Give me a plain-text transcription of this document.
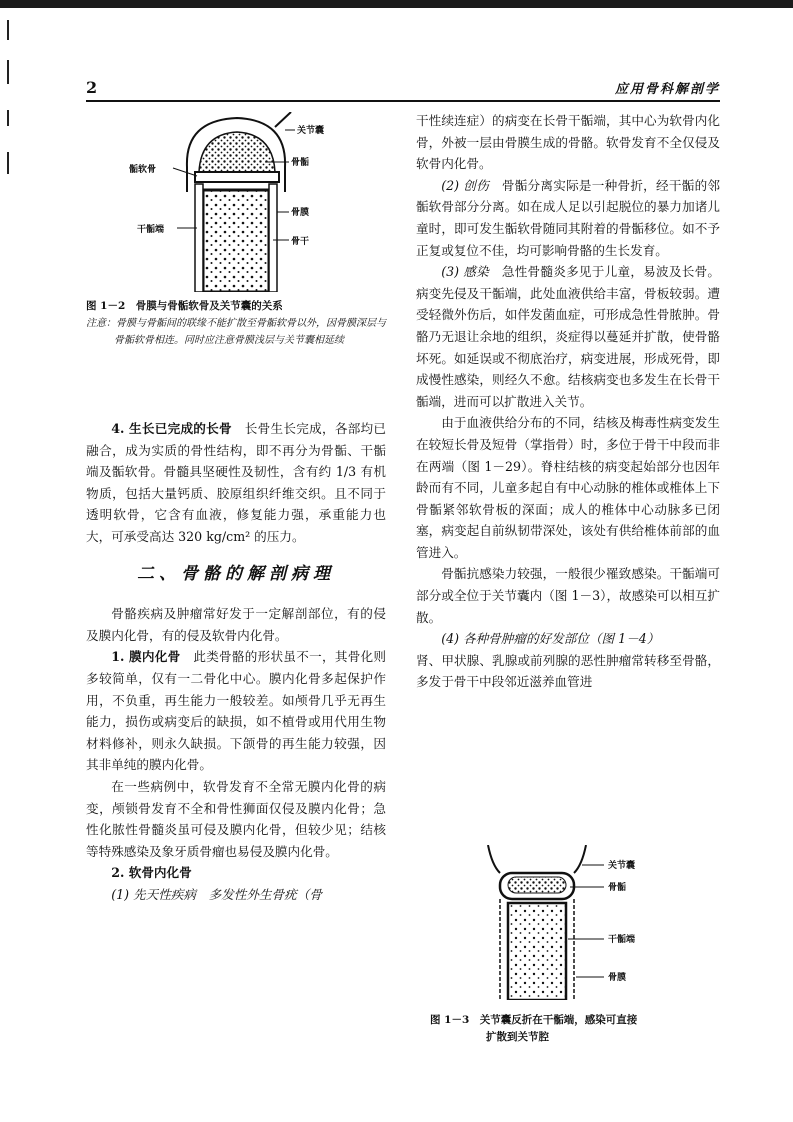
2	应用骨科解剖学
关节囊
骺软骨
骨骺
干骺端
骨膜
骨干
图 1－2　骨膜与骨骺软骨及关节囊的关系
注意：骨膜与骨骺间的联缘不能扩散至骨骺软骨以外，因骨膜深层与骨骺软骨相连。同时应注意骨膜浅层与关节囊相延续

4. 生长已完成的长骨　 长骨生长完成，各部均已融合，成为实质的骨性结构，即不再分为骨骺、干骺端及骺软骨。骨髓具坚硬性及韧性，含有约 1/3 有机物质，包括大量钙质、胶原组织纤维交织。且不同于透明软骨，它含有血液，修复能力强，承重能力也大，可承受高达 320 kg/cm² 的压力。

二、骨骼的解剖病理

骨骼疾病及肿瘤常好发于一定解剖部位，有的侵及膜内化骨，有的侵及软骨内化骨。

1. 膜内化骨　 此类骨骼的形状虽不一，其骨化则多较简单，仅有一二骨化中心。膜内化骨多起保护作用，不负重，再生能力一般较差。如颅骨几乎无再生能力，损伤或病变后的缺损，如不植骨或用代用生物材料修补，则永久缺损。下颌骨的再生能力较强，因其非单纯的膜内化骨。

在一些病例中，软骨发育不全常无膜内化骨的病变，颅锁骨发育不全和骨性狮面仅侵及膜内化骨；急性化脓性骨髓炎虽可侵及膜内化骨，但较少见；结核等特殊感染及象牙质骨瘤也易侵及膜内化骨。

2. 软骨内化骨

(1) 先天性疾病　多发性外生骨疣（骨

干性续连症）的病变在长骨干骺端，其中心为软骨内化骨，外被一层由骨膜生成的骨骼。软骨发育不全仅侵及软骨内化骨。

(2) 创伤　 骨骺分离实际是一种骨折，经干骺的邻骺软骨部分分离。如在成人足以引起脱位的暴力加诸儿童时，即可发生骺软骨随同其附着的骨骺移位。如不予正复或复位不佳，均可影响骨骼的生长发育。

(3) 感染　 急性骨髓炎多见于儿童，易波及长骨。病变先侵及干骺端，此处血液供给丰富，骨板较弱。遭受轻微外伤后，如伴发菌血症，可形成急性骨脓肿。骨骼乃无退让余地的组织，炎症得以蔓延并扩散，使骨骼坏死。如延误或不彻底治疗，病变进展，形成死骨，即成慢性感染，则经久不愈。结核病变也多发生在长骨干骺端，进而可以扩散进入关节。

由于血液供给分布的不同，结核及梅毒性病变发生在较短长骨及短骨（掌指骨）时，多位于骨干中段而非在两端（图 1－29）。脊柱结核的病变起始部分也因年龄而有不同，儿童多起自有中心动脉的椎体或椎体上下骨骺紧邻软骨板的深面；成人的椎体中心动脉多已闭塞，病变起自前纵韧带深处，该处有供给椎体前部的血管进入。

骨骺抗感染力较强，一般很少罹致感染。干骺端可部分或全位于关节囊内（图 1－3），故感染可以相互扩散。

(4) 各种骨肿瘤的好发部位（图 1－4）

肾、甲状腺、乳腺或前列腺的恶性肿瘤常转移至骨骼，多发于骨干中段邻近滋养血管进

关节囊
骨骺
干骺端
骨膜
图 1－3　关节囊反折在干骺端，感染可直接
扩散到关节腔
